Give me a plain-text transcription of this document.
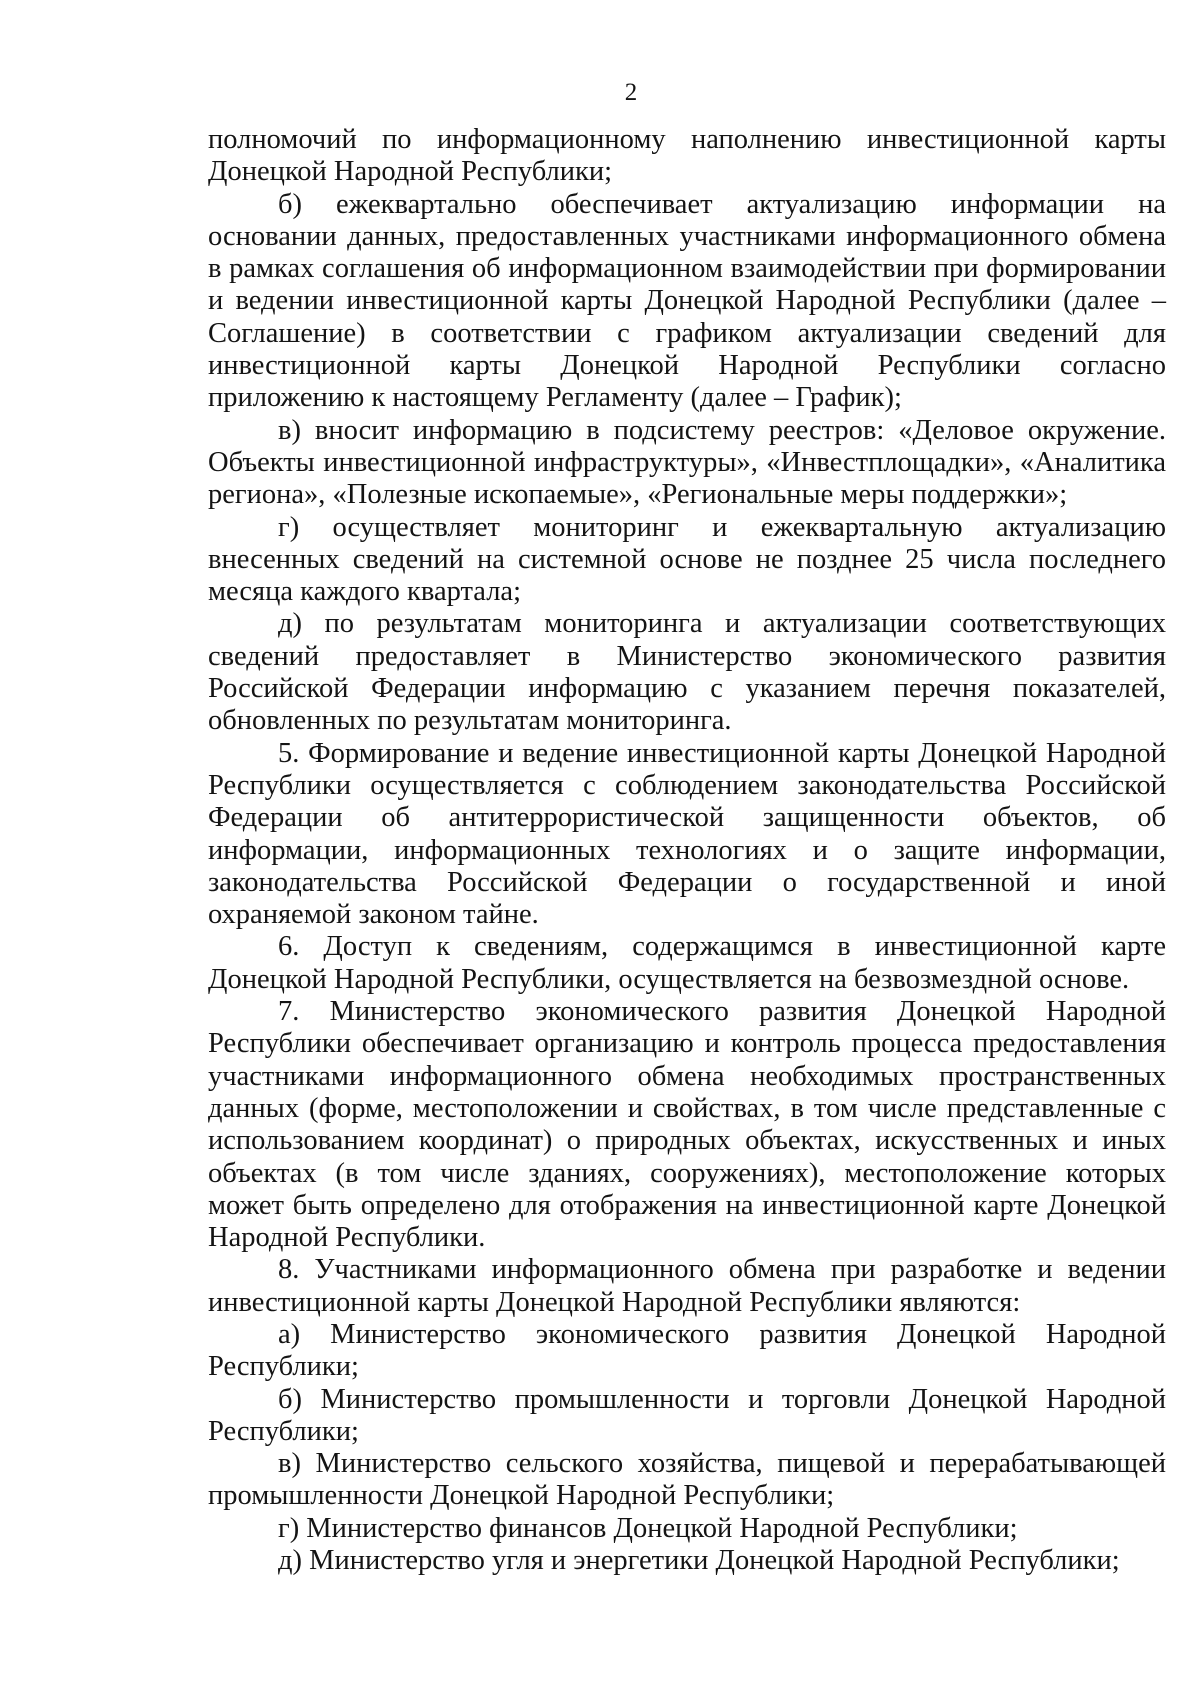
2

полномочий по информационному наполнению инвестиционной карты Донецкой Народной Республики;

б) ежеквартально обеспечивает актуализацию информации на основании данных, предоставленных участниками информационного обмена в рамках соглашения об информационном взаимодействии при формировании и ведении инвестиционной карты Донецкой Народной Республики (далее – Соглашение) в соответствии с графиком актуализации сведений для инвестиционной карты Донецкой Народной Республики согласно приложению к настоящему Регламенту (далее – График);

в) вносит информацию в подсистему реестров: «Деловое окружение. Объекты инвестиционной инфраструктуры», «Инвестплощадки», «Аналитика региона», «Полезные ископаемые», «Региональные меры поддержки»;

г) осуществляет мониторинг и ежеквартальную актуализацию внесенных сведений на системной основе не позднее 25 числа последнего месяца каждого квартала;

д) по результатам мониторинга и актуализации соответствующих сведений предоставляет в Министерство экономического развития Российской Федерации информацию с указанием перечня показателей, обновленных по результатам мониторинга.

5. Формирование и ведение инвестиционной карты Донецкой Народной Республики осуществляется с соблюдением законодательства Российской Федерации об антитеррористической защищенности объектов, об информации, информационных технологиях и о защите информации, законодательства Российской Федерации о государственной и иной охраняемой законом тайне.

6. Доступ к сведениям, содержащимся в инвестиционной карте Донецкой Народной Республики, осуществляется на безвозмездной основе.

7. Министерство экономического развития Донецкой Народной Республики обеспечивает организацию и контроль процесса предоставления участниками информационного обмена необходимых пространственных данных (форме, местоположении и свойствах, в том числе представленные с использованием координат) о природных объектах, искусственных и иных объектах (в том числе зданиях, сооружениях), местоположение которых может быть определено для отображения на инвестиционной карте Донецкой Народной Республики.

8. Участниками информационного обмена при разработке и ведении инвестиционной карты Донецкой Народной Республики являются:

а) Министерство экономического развития Донецкой Народной Республики;

б) Министерство промышленности и торговли Донецкой Народной Республики;

в) Министерство сельского хозяйства, пищевой и перерабатывающей промышленности Донецкой Народной Республики;

г) Министерство финансов Донецкой Народной Республики;

д) Министерство угля и энергетики Донецкой Народной Республики;
